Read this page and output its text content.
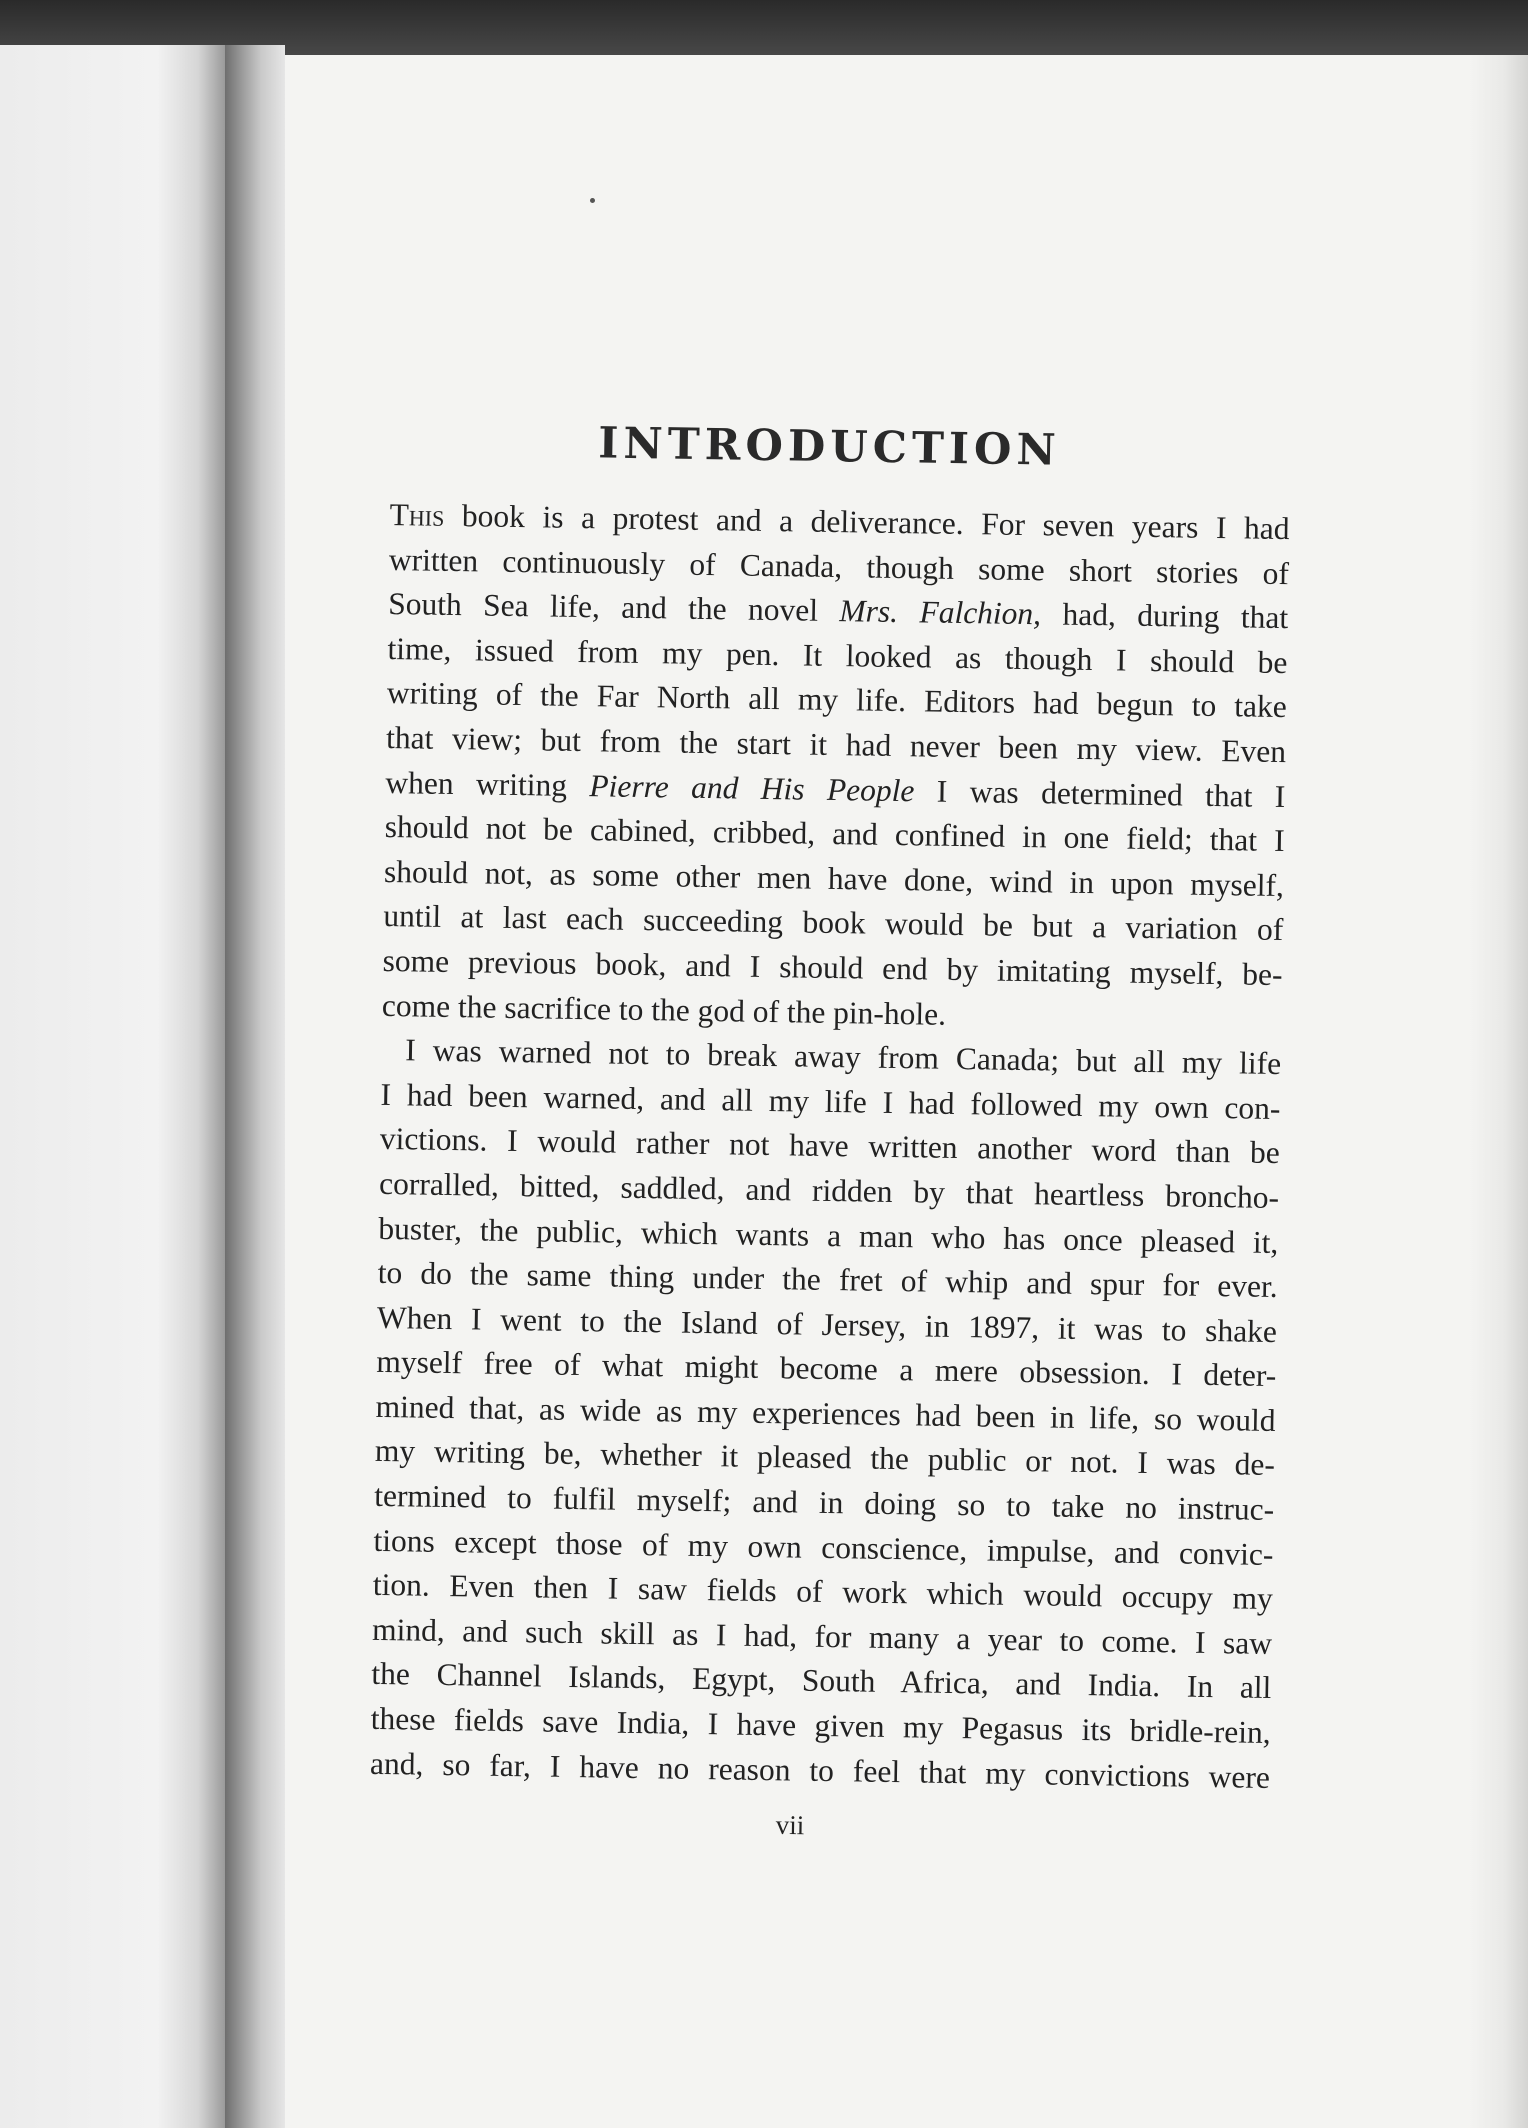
INTRODUCTION

This book is a protest and a deliverance. For seven years I had

written continuously of Canada, though some short stories of

South Sea life, and the novel Mrs. Falchion, had, during that

time, issued from my pen. It looked as though I should be

writing of the Far North all my life. Editors had begun to take

that view; but from the start it had never been my view. Even

when writing Pierre and His People I was determined that I

should not be cabined, cribbed, and confined in one field; that I

should not, as some other men have done, wind in upon myself,

until at last each succeeding book would be but a variation of

some previous book, and I should end by imitating myself, be-

come the sacrifice to the god of the pin-hole.

I was warned not to break away from Canada; but all my life

I had been warned, and all my life I had followed my own con-

victions. I would rather not have written another word than be

corralled, bitted, saddled, and ridden by that heartless broncho-

buster, the public, which wants a man who has once pleased it,

to do the same thing under the fret of whip and spur for ever.

When I went to the Island of Jersey, in 1897, it was to shake

myself free of what might become a mere obsession. I deter-

mined that, as wide as my experiences had been in life, so would

my writing be, whether it pleased the public or not. I was de-

termined to fulfil myself; and in doing so to take no instruc-

tions except those of my own conscience, impulse, and convic-

tion. Even then I saw fields of work which would occupy my

mind, and such skill as I had, for many a year to come. I saw

the Channel Islands, Egypt, South Africa, and India. In all

these fields save India, I have given my Pegasus its bridle-rein,

and, so far, I have no reason to feel that my convictions were

vii
